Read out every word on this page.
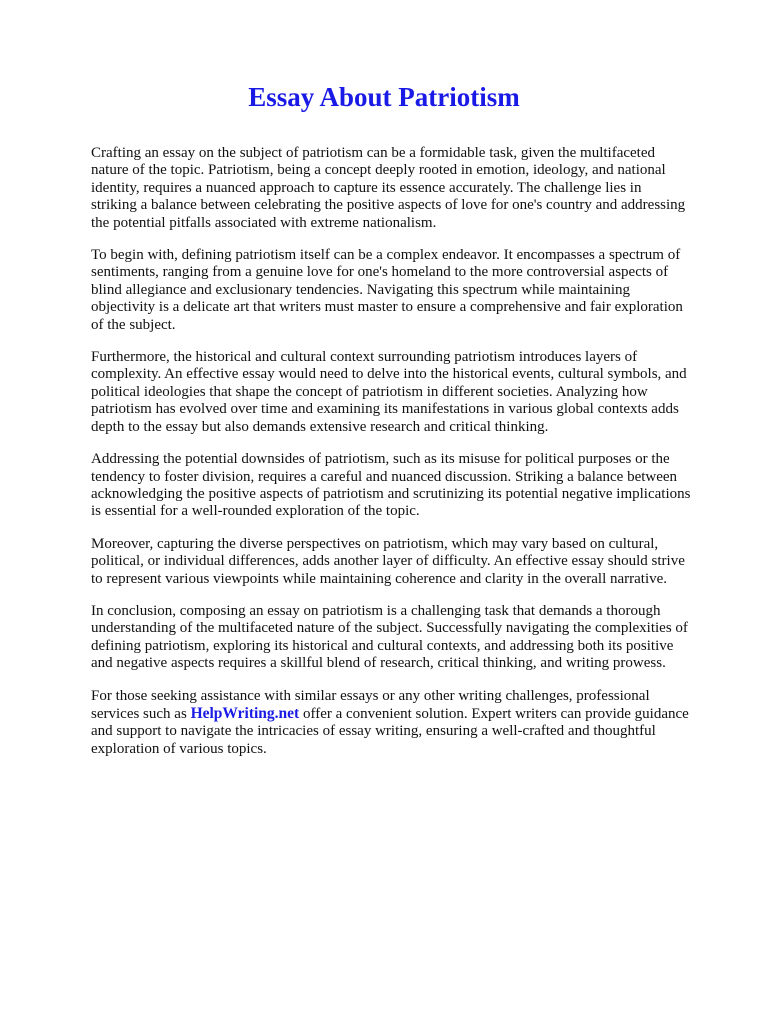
Essay About Patriotism

Crafting an essay on the subject of patriotism can be a formidable task, given the multifaceted nature of the topic. Patriotism, being a concept deeply rooted in emotion, ideology, and national identity, requires a nuanced approach to capture its essence accurately. The challenge lies in striking a balance between celebrating the positive aspects of love for one's country and addressing the potential pitfalls associated with extreme nationalism.

To begin with, defining patriotism itself can be a complex endeavor. It encompasses a spectrum of sentiments, ranging from a genuine love for one's homeland to the more controversial aspects of blind allegiance and exclusionary tendencies. Navigating this spectrum while maintaining objectivity is a delicate art that writers must master to ensure a comprehensive and fair exploration of the subject.

Furthermore, the historical and cultural context surrounding patriotism introduces layers of complexity. An effective essay would need to delve into the historical events, cultural symbols, and political ideologies that shape the concept of patriotism in different societies. Analyzing how patriotism has evolved over time and examining its manifestations in various global contexts adds depth to the essay but also demands extensive research and critical thinking.

Addressing the potential downsides of patriotism, such as its misuse for political purposes or the tendency to foster division, requires a careful and nuanced discussion. Striking a balance between acknowledging the positive aspects of patriotism and scrutinizing its potential negative implications is essential for a well-rounded exploration of the topic.

Moreover, capturing the diverse perspectives on patriotism, which may vary based on cultural, political, or individual differences, adds another layer of difficulty. An effective essay should strive to represent various viewpoints while maintaining coherence and clarity in the overall narrative.

In conclusion, composing an essay on patriotism is a challenging task that demands a thorough understanding of the multifaceted nature of the subject. Successfully navigating the complexities of defining patriotism, exploring its historical and cultural contexts, and addressing both its positive and negative aspects requires a skillful blend of research, critical thinking, and writing prowess.

For those seeking assistance with similar essays or any other writing challenges, professional services such as HelpWriting.net offer a convenient solution. Expert writers can provide guidance and support to navigate the intricacies of essay writing, ensuring a well-crafted and thoughtful exploration of various topics.
